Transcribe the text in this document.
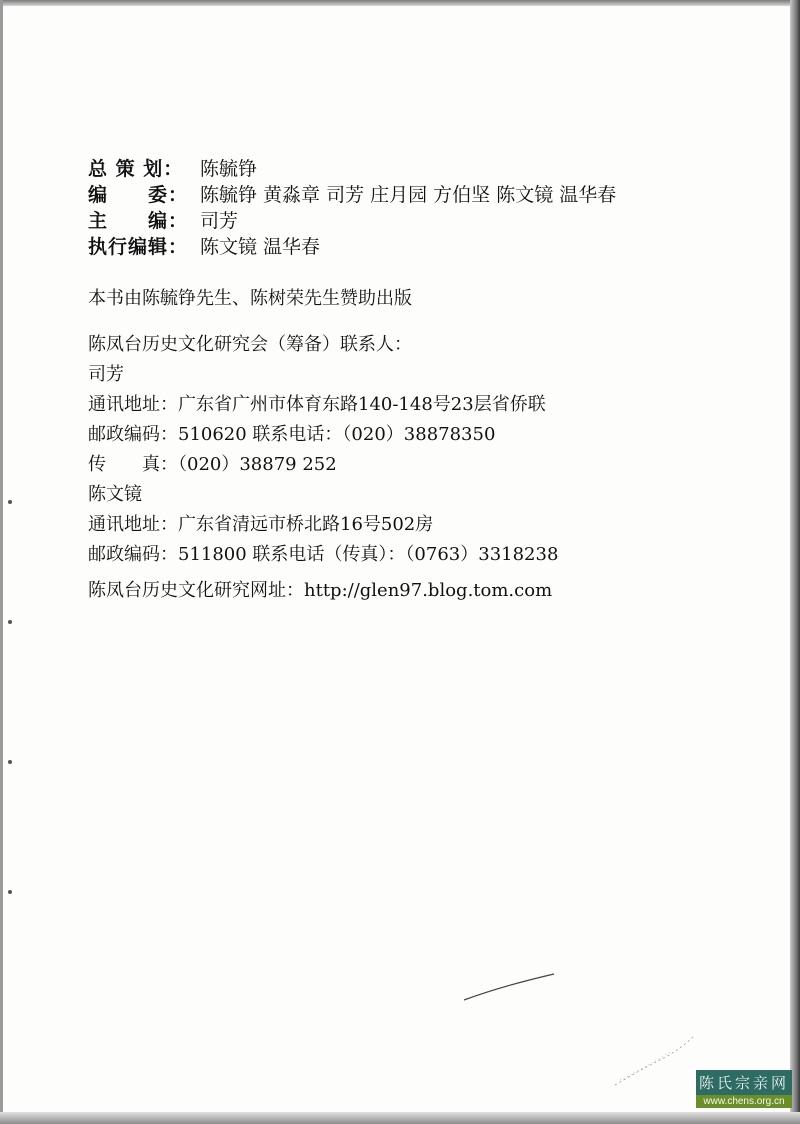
总 策 划： 陈毓铮
编　　委： 陈毓铮 黄淼章 司芳 庄月园 方伯坚 陈文镜 温华春
主　　编： 司芳
执行编辑： 陈文镜 温华春
本书由陈毓铮先生、陈树荣先生赞助出版
陈凤台历史文化研究会（筹备）联系人：
司芳
通讯地址：广东省广州市体育东路140-148号23层省侨联
邮政编码：510620 联系电话：（020）38878350
传　　真：（020）38879 252
陈文镜
通讯地址：广东省清远市桥北路16号502房
邮政编码：511800 联系电话（传真）：（0763）3318238
陈凤台历史文化研究网址：http://glen97.blog.tom.com
陈氏宗亲网
www.chens.org.cn
